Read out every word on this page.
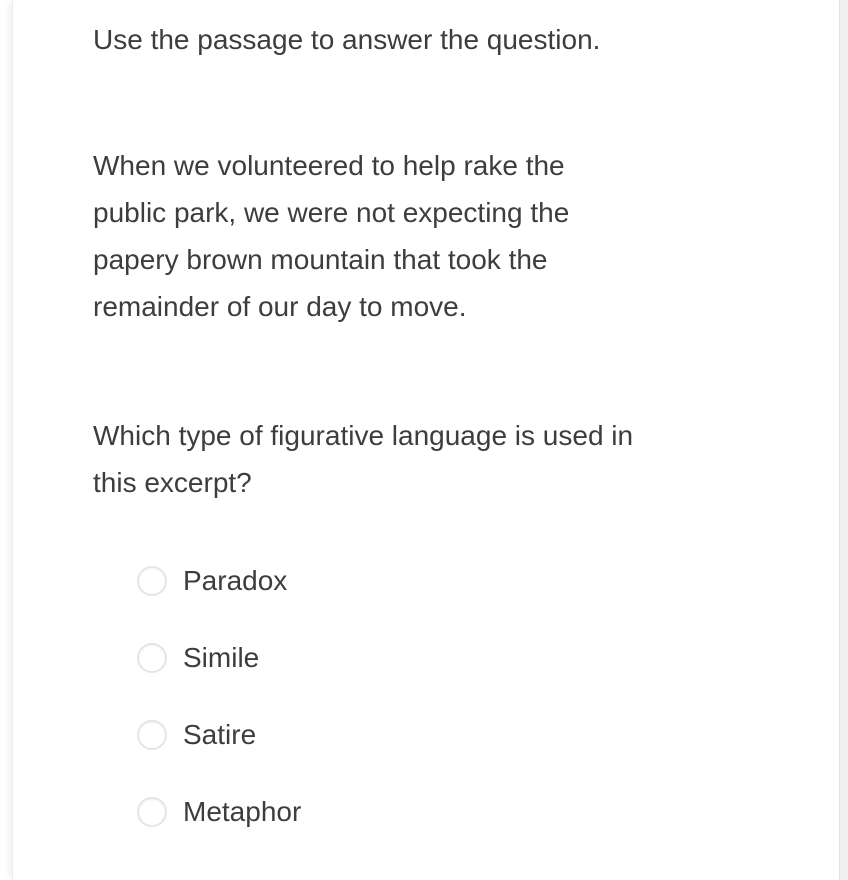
Use the passage to answer the question.
When we volunteered to help rake the
public park, we were not expecting the
papery brown mountain that took the
remainder of our day to move.
Which type of figurative language is used in
this excerpt?
Paradox
Simile
Satire
Metaphor
